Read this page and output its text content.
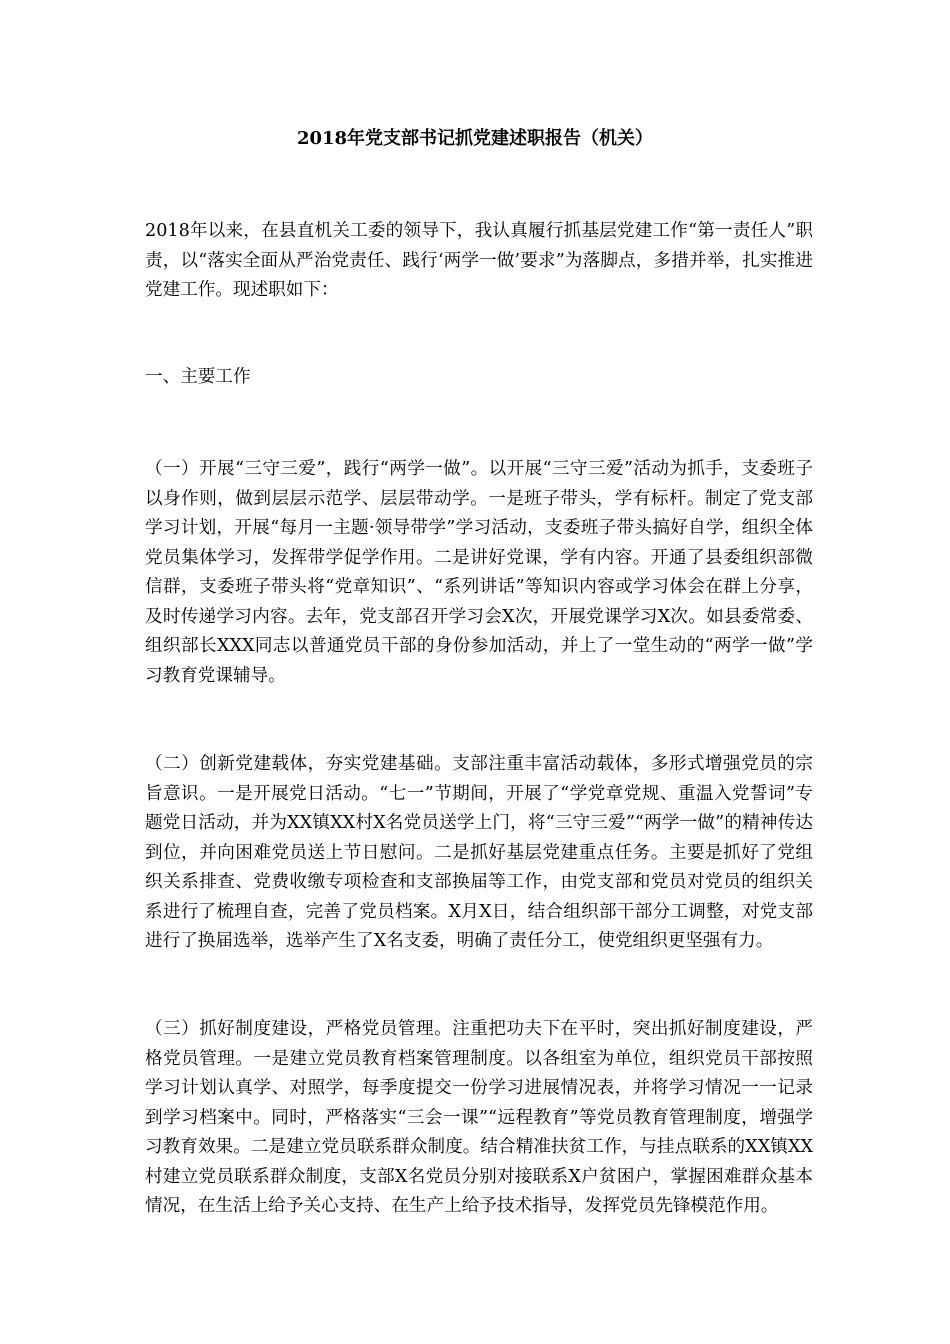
2018年党支部书记抓党建述职报告（机关）
2018年以来，在县直机关工委的领导下，我认真履行抓基层党建工作“第一责任人”职责，以“落实全面从严治党责任、践行‘两学一做’要求”为落脚点，多措并举，扎实推进党建工作。现述职如下：
一、主要工作
（一）开展“三守三爱”，践行“两学一做”。以开展“三守三爱”活动为抓手，支委班子以身作则，做到层层示范学、层层带动学。一是班子带头，学有标杆。制定了党支部学习计划，开展“每月一主题·领导带学”学习活动，支委班子带头搞好自学，组织全体党员集体学习，发挥带学促学作用。二是讲好党课，学有内容。开通了县委组织部微信群，支委班子带头将“党章知识”、“系列讲话”等知识内容或学习体会在群上分享，及时传递学习内容。去年，党支部召开学习会X次，开展党课学习X次。如县委常委、组织部长XXX同志以普通党员干部的身份参加活动，并上了一堂生动的“两学一做”学习教育党课辅导。
（二）创新党建载体，夯实党建基础。支部注重丰富活动载体，多形式增强党员的宗旨意识。一是开展党日活动。“七一”节期间，开展了“学党章党规、重温入党誓词”专题党日活动，并为XX镇XX村X名党员送学上门，将“三守三爱”“两学一做”的精神传达到位，并向困难党员送上节日慰问。二是抓好基层党建重点任务。主要是抓好了党组织关系排查、党费收缴专项检查和支部换届等工作，由党支部和党员对党员的组织关系进行了梳理自查，完善了党员档案。X月X日，结合组织部干部分工调整，对党支部进行了换届选举，选举产生了X名支委，明确了责任分工，使党组织更坚强有力。
（三）抓好制度建设，严格党员管理。注重把功夫下在平时，突出抓好制度建设，严格党员管理。一是建立党员教育档案管理制度。以各组室为单位，组织党员干部按照学习计划认真学、对照学，每季度提交一份学习进展情况表，并将学习情况一一记录到学习档案中。同时，严格落实“三会一课”“远程教育”等党员教育管理制度，增强学习教育效果。二是建立党员联系群众制度。结合精准扶贫工作，与挂点联系的XX镇XX村建立党员联系群众制度，支部X名党员分别对接联系X户贫困户，掌握困难群众基本情况，在生活上给予关心支持、在生产上给予技术指导，发挥党员先锋模范作用。
